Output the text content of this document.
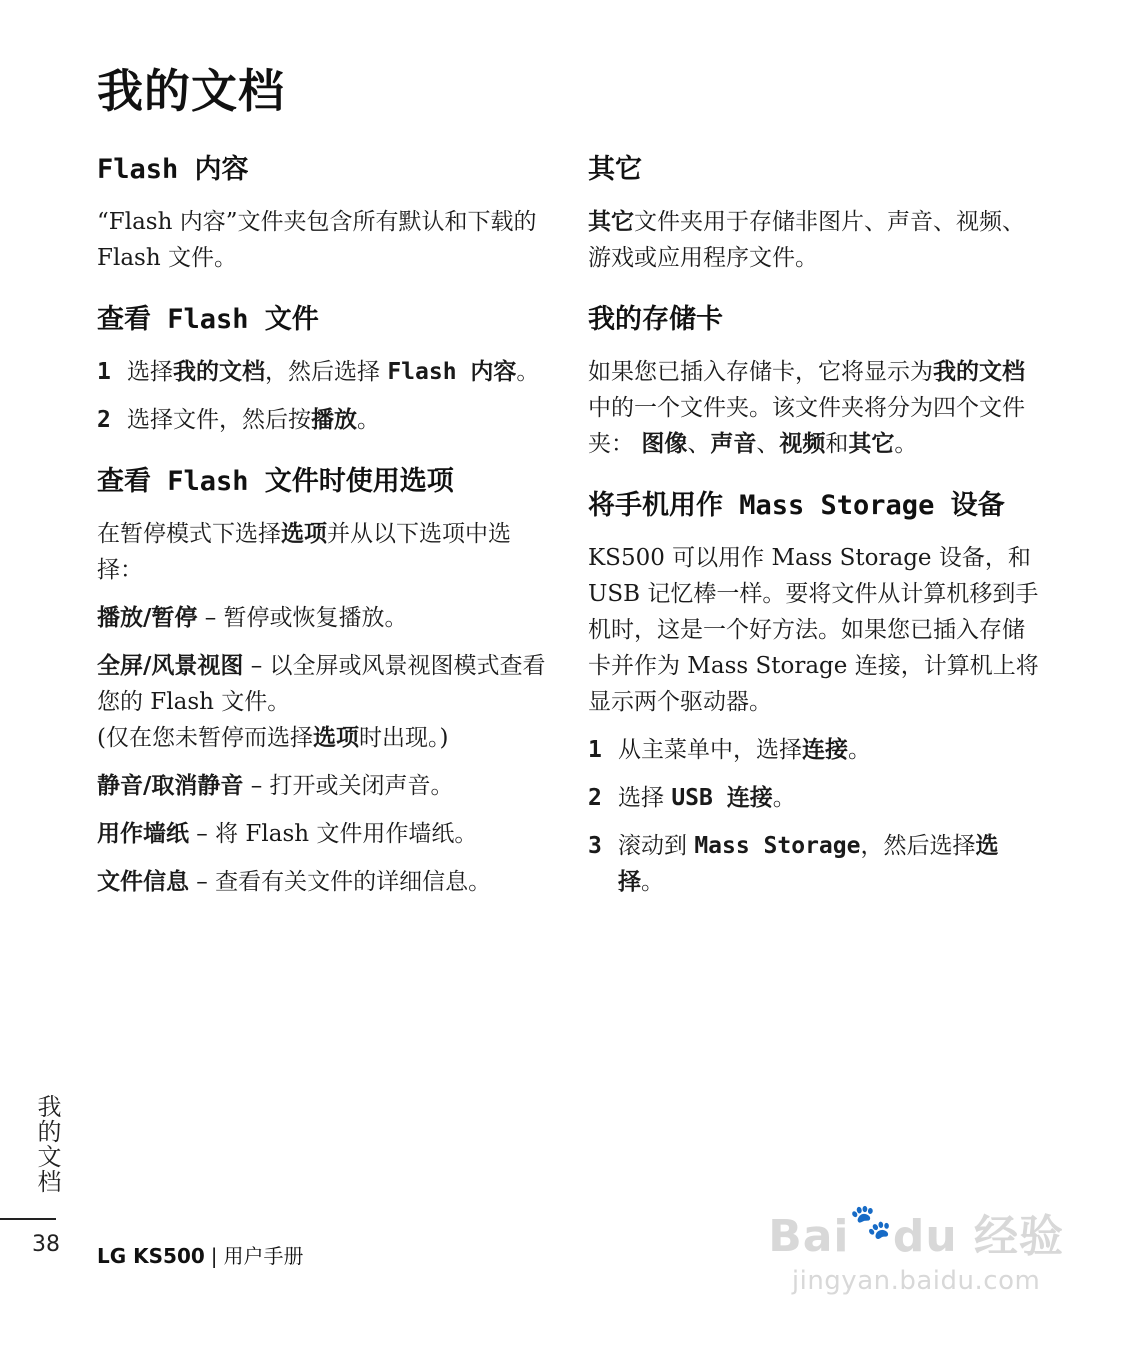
我的文档
Flash 内容

“Flash 内容”文件夹包含所有默认和下载的 Flash 文件。

查看 Flash 文件
1 选择我的文档，然后选择 Flash 内容。
2 选择文件，然后按播放。
查看 Flash 文件时使用选项

在暂停模式下选择选项并从以下选项中选择：

播放/暂停 – 暂停或恢复播放。

全屏/风景视图 – 以全屏或风景视图模式查看您的 Flash 文件。
(仅在您未暂停而选择选项时出现。)

静音/取消静音 – 打开或关闭声音。

用作墙纸 – 将 Flash 文件用作墙纸。

文件信息 – 查看有关文件的详细信息。

其它

其它文件夹用于存储非图片、声音、视频、游戏或应用程序文件。

我的存储卡

如果您已插入存储卡，它将显示为我的文档中的一个文件夹。该文件夹将分为四个文件夹： 图像、声音、视频和其它。

将手机用作 Mass Storage 设备

KS500 可以用作 Mass Storage 设备，和 USB 记忆棒一样。要将文件从计算机移到手机时，这是一个好方法。如果您已插入存储卡并作为 Mass Storage 连接，计算机上将显示两个驱动器。

1 从主菜单中，选择连接。
2 选择 USB 连接。
3 滚动到 Mass Storage，然后选择选择。
我的文档
38 LG KS500 | 用户手册	Bai🐾du 经验
jingyan.baidu.com
